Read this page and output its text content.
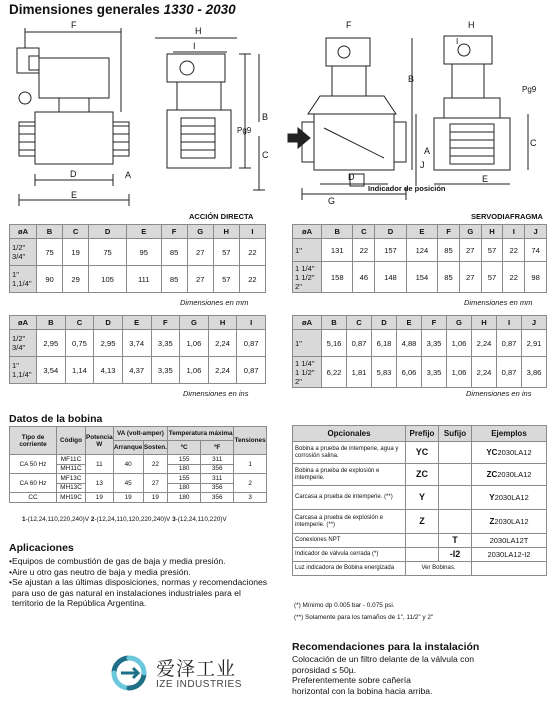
Dimensiones generales 1330 - 2030
F
D
E
A
B
C
Pg9
H
I
F	H
I
B
A
Pg9
C
D	E
J
G
Indicador de posición
ACCIÓN DIRECTA	SERVODIAFRAGMA
øA	B	C	D	E	F	G	H	I
1/2"
3/4"	75	19	75	95	85	27	57	22
1"
1,1/4"	90	29	105	111	85	27	57	22
Dimensiones en mm
øA	B	C	D	E	F	G	H	I	J
1"	131	22	157	124	85	27	57	22	74
1 1/4"
1 1/2"
2"	158	46	148	154	85	27	57	22	98
Dimensiones en mm
øA	B	C	D	E	F	G	H	I
1/2"
3/4"	2,95	0,75	2,95	3,74	3,35	1,06	2,24	0,87
1"
1,1/4"	3,54	1,14	4,13	4,37	3,35	1,06	2,24	0,87
Dimensiones en ins
øA	B	C	D	E	F	G	H	I	J
1"	5,16	0,87	6,18	4,88	3,35	1,06	2,24	0,87	2,91
1 1/4"
1 1/2"
2"	6,22	1,81	5,83	6,06	3,35	1,06	2,24	0,87	3,86
Dimensiones en ins
Datos de la bobina
Tipo de corriente	Código	Potencia W	VA (volt-amper)		Temperatura máxima		Tensiones
			Arranque	Sosten.	ºC	ºF	
CA 50 Hz	MF11C	11	40	22	155	311	1
	MH11C				180	356	
CA 60 Hz	MF13C	13	45	27	155	311	2
	MH13C				180	356	
CC	MH19C	19	19	19	180	356	3
1-(12,24,110,220,240)V 2-(12,24,110,120,220,240)V 3-(12,24,110,220)V
Opcionales	Prefijo	Sufijo	Ejemplos
Bobina a prueba de intemperie, agua y corrosión salina.	YC		YC2030LA12
Bobina a prueba de explosión e intemperie.	ZC		ZC2030LA12
Carcasa a prueba de intemperie. (**)	Y		Y2030LA12
Carcasa a prueba de explosión e intemperie. (**)	Z		Z2030LA12
Conexiones NPT		T	2030LA12T
Indicador de válvula cerrada (*)		-I2	2030LA12-I2
Luz indicadora de Bobina energizada	Ver Bobinas.		
(*) Mínimo dp 0.005 bar - 0.075 psi.
(**) Solamente para los tamaños de 1", 11/2" y 2"
Aplicaciones
• Equipos de combustión de gas de baja y media presión.
• Aire u otro gas neutro de baja y media presión.
• Se ajustan a las últimas disposiciones, normas y recomendaciones para uso de gas natural en instalaciones industriales para el territorio de la República Argentina.
Recomendaciones para la instalación
Colocación de un filtro delante de la válvula con
porosidad ≤ 50µ.
Preferentemente sobre cañería
horizontal con la bobina hacia arriba.
爱泽工业
IZE INDUSTRIES
